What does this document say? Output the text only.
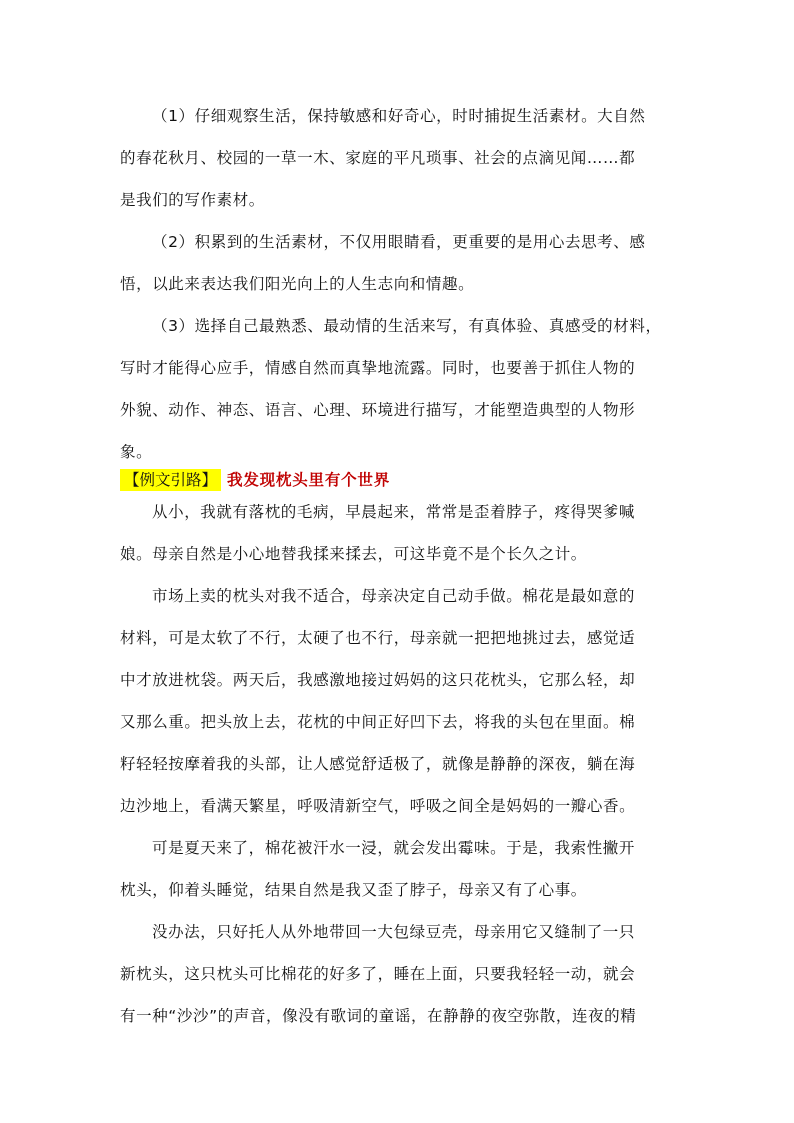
（1）仔细观察生活，保持敏感和好奇心，时时捕捉生活素材。大自然
的春花秋月、校园的一草一木、家庭的平凡琐事、社会的点滴见闻……都
是我们的写作素材。
（2）积累到的生活素材，不仅用眼睛看，更重要的是用心去思考、感
悟，以此来表达我们阳光向上的人生志向和情趣。
（3）选择自己最熟悉、最动情的生活来写，有真体验、真感受的材料，
写时才能得心应手，情感自然而真挚地流露。同时，也要善于抓住人物的
外貌、动作、神态、语言、心理、环境进行描写，才能塑造典型的人物形
象。
【例文引路】 我发现枕头里有个世界
从小，我就有落枕的毛病，早晨起来，常常是歪着脖子，疼得哭爹喊
娘。母亲自然是小心地替我揉来揉去，可这毕竟不是个长久之计。
市场上卖的枕头对我不适合，母亲决定自己动手做。棉花是最如意的
材料，可是太软了不行，太硬了也不行，母亲就一把把地挑过去，感觉适
中才放进枕袋。两天后，我感激地接过妈妈的这只花枕头，它那么轻，却
又那么重。把头放上去，花枕的中间正好凹下去，将我的头包在里面。棉
籽轻轻按摩着我的头部，让人感觉舒适极了，就像是静静的深夜，躺在海
边沙地上，看满天繁星，呼吸清新空气，呼吸之间全是妈妈的一瓣心香。
可是夏天来了，棉花被汗水一浸，就会发出霉味。于是，我索性撇开
枕头，仰着头睡觉，结果自然是我又歪了脖子，母亲又有了心事。
没办法，只好托人从外地带回一大包绿豆壳，母亲用它又缝制了一只
新枕头，这只枕头可比棉花的好多了，睡在上面，只要我轻轻一动，就会
有一种“沙沙”的声音，像没有歌词的童谣，在静静的夜空弥散，连夜的精
